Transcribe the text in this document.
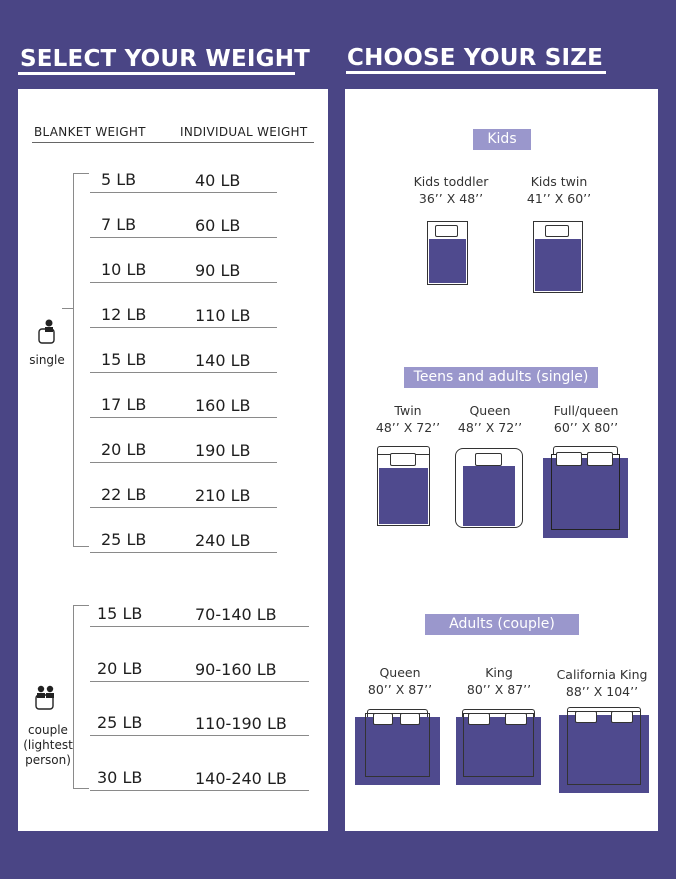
SELECT YOUR WEIGHT CHOOSE YOUR SIZE
BLANKET WEIGHT	INDIVIDUAL WEIGHT
single
5 LB	40 LB
7 LB	60 LB
10 LB	90 LB
12 LB	110 LB
15 LB	140 LB
17 LB	160 LB
20 LB	190 LB
22 LB	210 LB
25 LB	240 LB
couple
(lightest
person)
15 LB	70-140 LB
20 LB	90-160 LB
25 LB	110-190 LB
30 LB	140-240 LB
Kids
Kids toddler
36’’ X 48’’
Kids twin
41’’ X 60’’
Teens and adults (single)
Twin
48’’ X 72’’
Queen
48’’ X 72’’
Full/queen
60’’ X 80’’
Adults (couple)
Queen
80’’ X 87’’
King
80’’ X 87’’
California King
88’’ X 104’’
